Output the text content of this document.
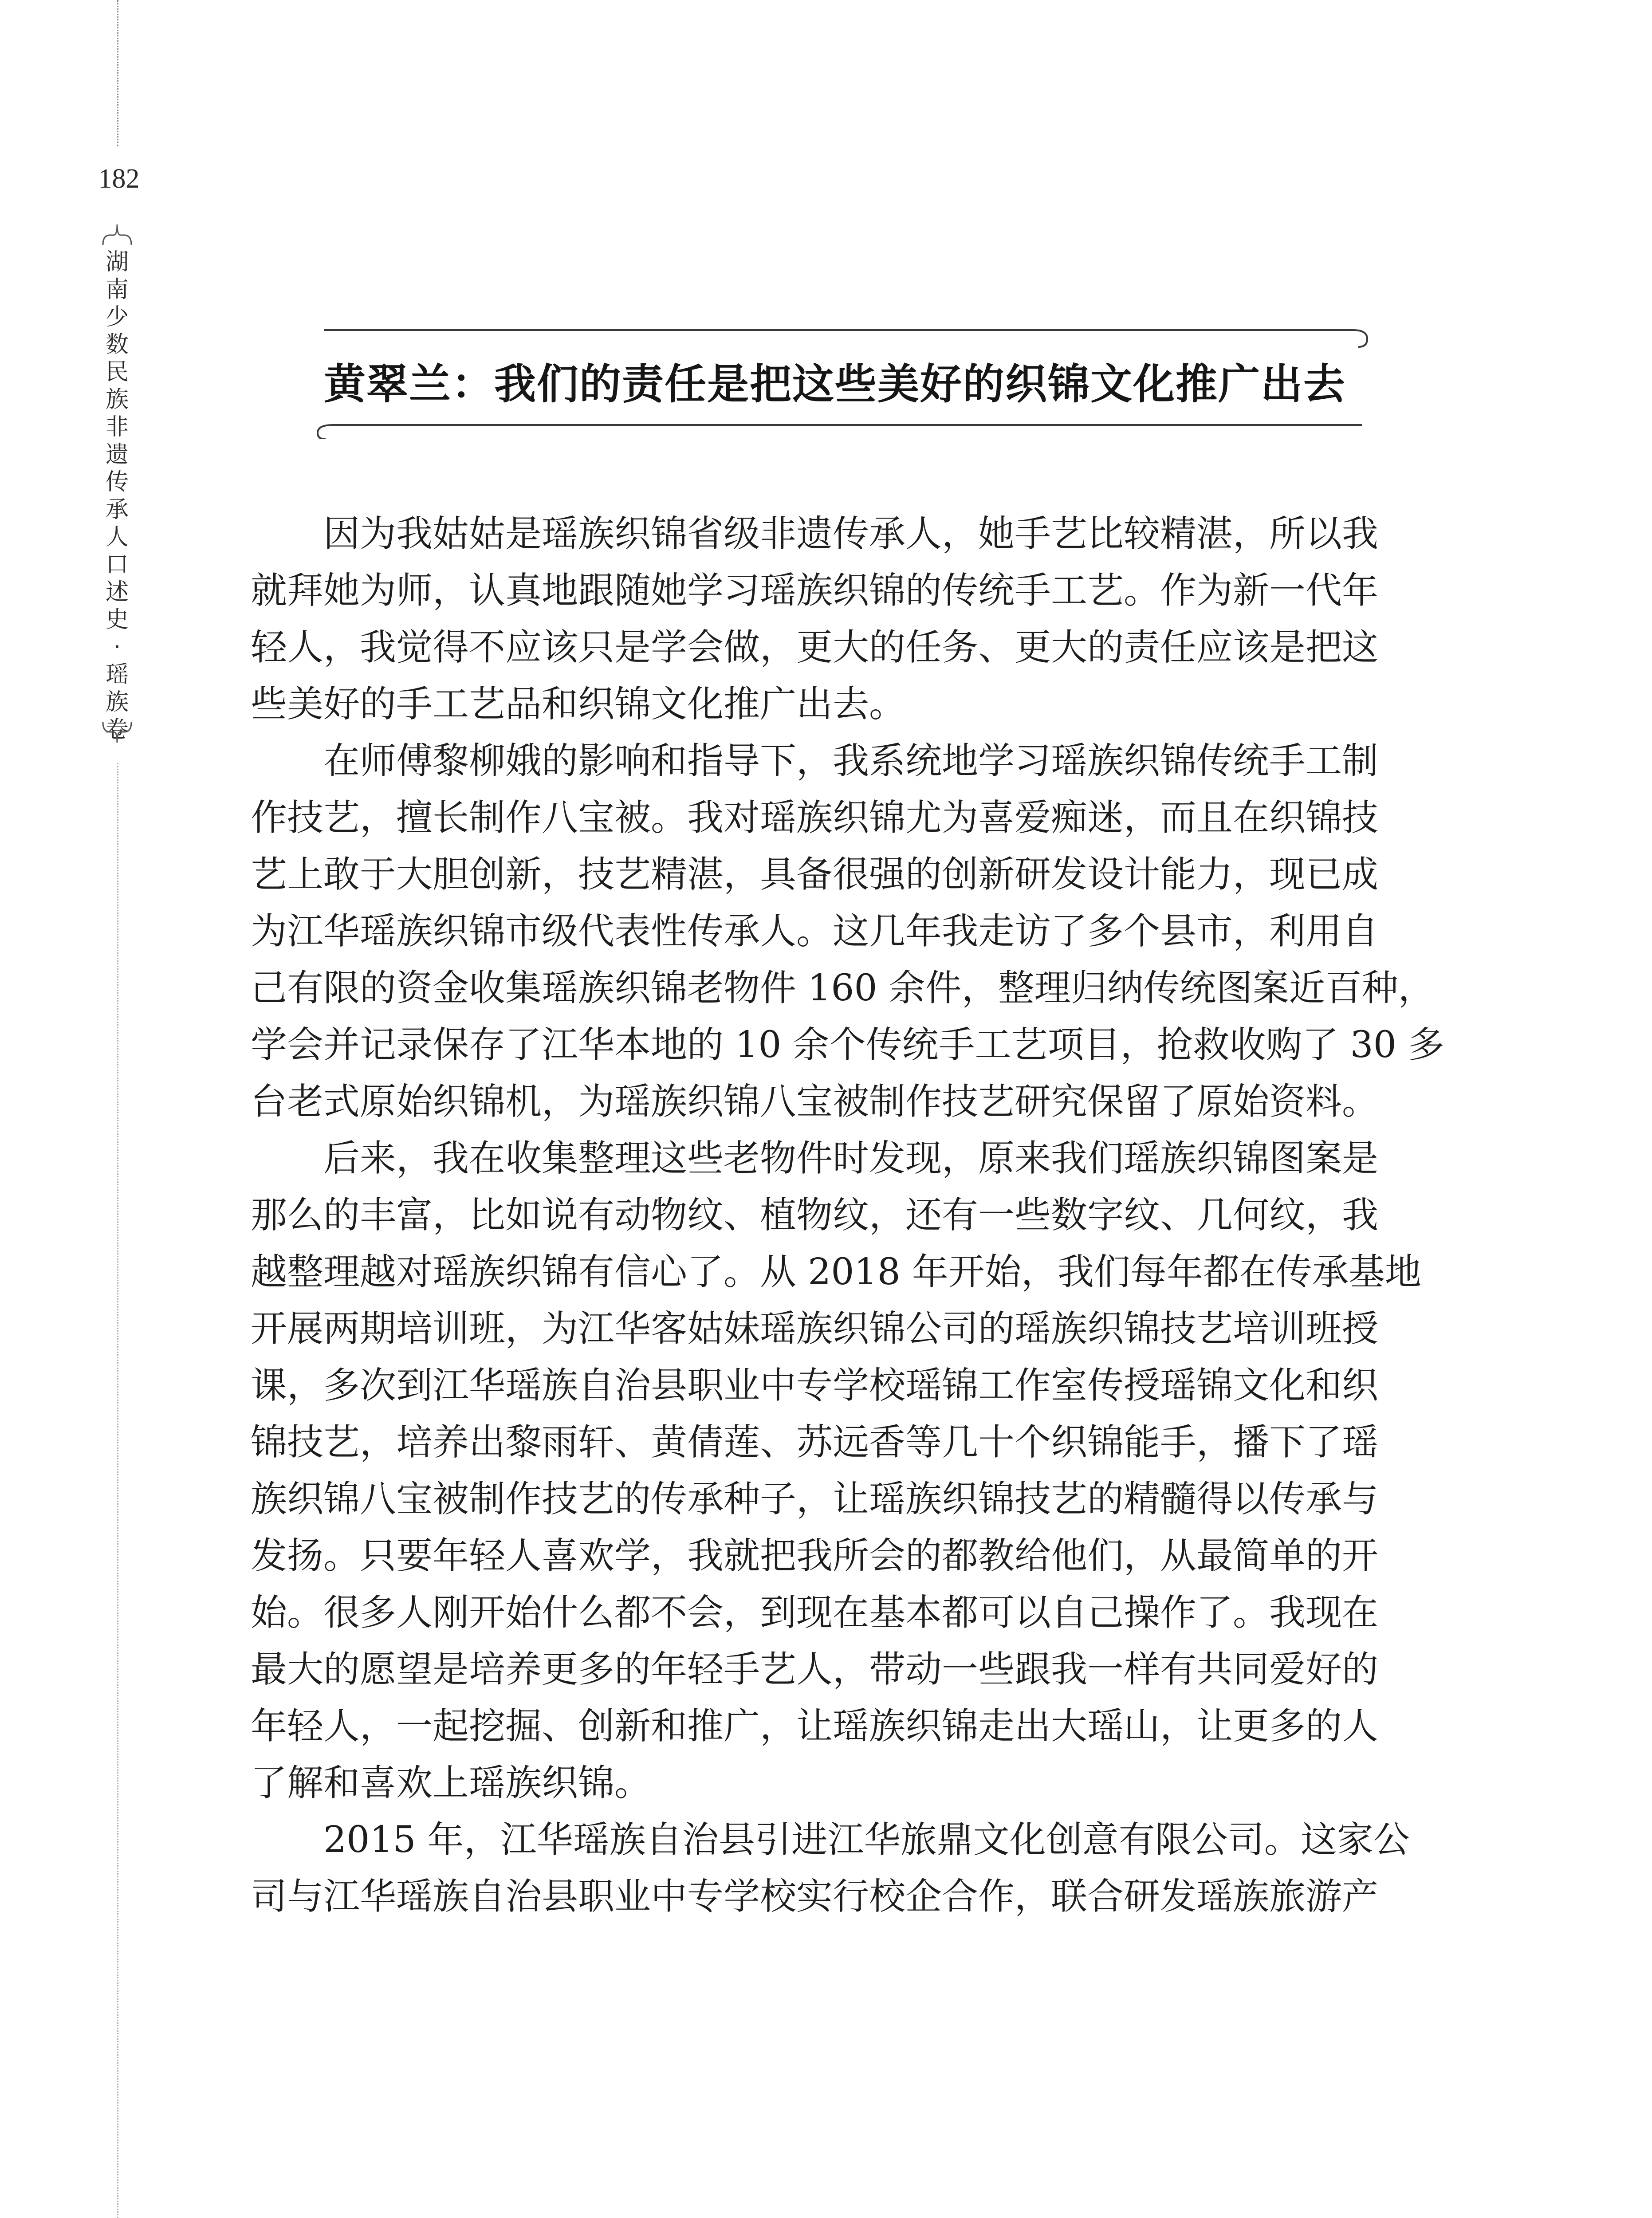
182
湖
南
少
数
民
族
非
遗
传
承
人
口
述
史
·
瑶
族
卷
黄翠兰：我们的责任是把这些美好的织锦文化推广出去

　　因为我姑姑是瑶族织锦省级非遗传承人，她手艺比较精湛，所以我
就拜她为师，认真地跟随她学习瑶族织锦的传统手工艺。作为新一代年
轻人，我觉得不应该只是学会做，更大的任务、更大的责任应该是把这
些美好的手工艺品和织锦文化推广出去。

　　在师傅黎柳娥的影响和指导下，我系统地学习瑶族织锦传统手工制
作技艺，擅长制作八宝被。我对瑶族织锦尤为喜爱痴迷，而且在织锦技
艺上敢于大胆创新，技艺精湛，具备很强的创新研发设计能力，现已成
为江华瑶族织锦市级代表性传承人。这几年我走访了多个县市，利用自
己有限的资金收集瑶族织锦老物件 160 余件，整理归纳传统图案近百种，
学会并记录保存了江华本地的 10 余个传统手工艺项目，抢救收购了 30 多
台老式原始织锦机，为瑶族织锦八宝被制作技艺研究保留了原始资料。

　　后来，我在收集整理这些老物件时发现，原来我们瑶族织锦图案是
那么的丰富，比如说有动物纹、植物纹，还有一些数字纹、几何纹，我
越整理越对瑶族织锦有信心了。从 2018 年开始，我们每年都在传承基地
开展两期培训班，为江华客姑妹瑶族织锦公司的瑶族织锦技艺培训班授
课，多次到江华瑶族自治县职业中专学校瑶锦工作室传授瑶锦文化和织
锦技艺，培养出黎雨轩、黄倩莲、苏远香等几十个织锦能手，播下了瑶
族织锦八宝被制作技艺的传承种子，让瑶族织锦技艺的精髓得以传承与
发扬。只要年轻人喜欢学，我就把我所会的都教给他们，从最简单的开
始。很多人刚开始什么都不会，到现在基本都可以自己操作了。我现在
最大的愿望是培养更多的年轻手艺人，带动一些跟我一样有共同爱好的
年轻人，一起挖掘、创新和推广，让瑶族织锦走出大瑶山，让更多的人
了解和喜欢上瑶族织锦。

　　2015 年，江华瑶族自治县引进江华旅鼎文化创意有限公司。这家公
司与江华瑶族自治县职业中专学校实行校企合作，联合研发瑶族旅游产
